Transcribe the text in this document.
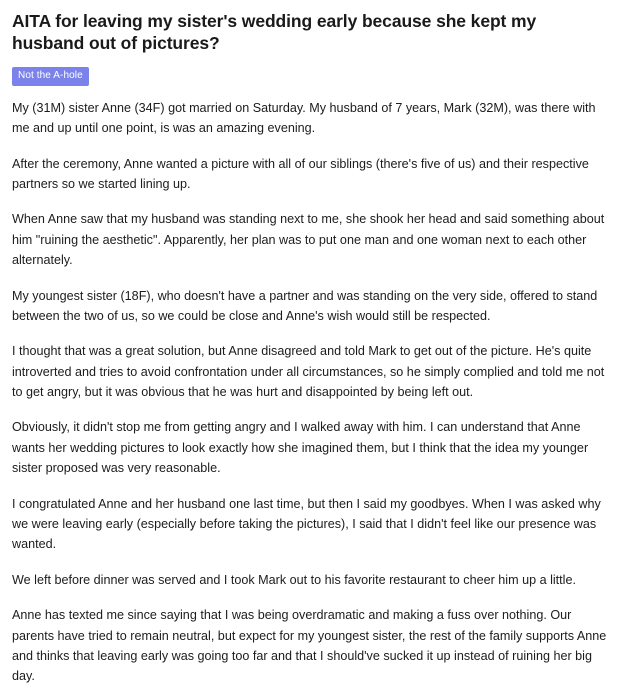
AITA for leaving my sister's wedding early because she kept my husband out of pictures?
Not the A-hole

My (31M) sister Anne (34F) got married on Saturday. My husband of 7 years, Mark (32M), was there with me and up until one point, is was an amazing evening.

After the ceremony, Anne wanted a picture with all of our siblings (there's five of us) and their respective partners so we started lining up.

When Anne saw that my husband was standing next to me, she shook her head and said something about him "ruining the aesthetic". Apparently, her plan was to put one man and one woman next to each other alternately.

My youngest sister (18F), who doesn't have a partner and was standing on the very side, offered to stand between the two of us, so we could be close and Anne's wish would still be respected.

I thought that was a great solution, but Anne disagreed and told Mark to get out of the picture. He's quite introverted and tries to avoid confrontation under all circumstances, so he simply complied and told me not to get angry, but it was obvious that he was hurt and disappointed by being left out.

Obviously, it didn't stop me from getting angry and I walked away with him. I can understand that Anne wants her wedding pictures to look exactly how she imagined them, but I think that the idea my younger sister proposed was very reasonable.

I congratulated Anne and her husband one last time, but then I said my goodbyes. When I was asked why we were leaving early (especially before taking the pictures), I said that I didn't feel like our presence was wanted.

We left before dinner was served and I took Mark out to his favorite restaurant to cheer him up a little.

Anne has texted me since saying that I was being overdramatic and making a fuss over nothing. Our parents have tried to remain neutral, but expect for my youngest sister, the rest of the family supports Anne and thinks that leaving early was going too far and that I should've sucked it up instead of ruining her big day.
